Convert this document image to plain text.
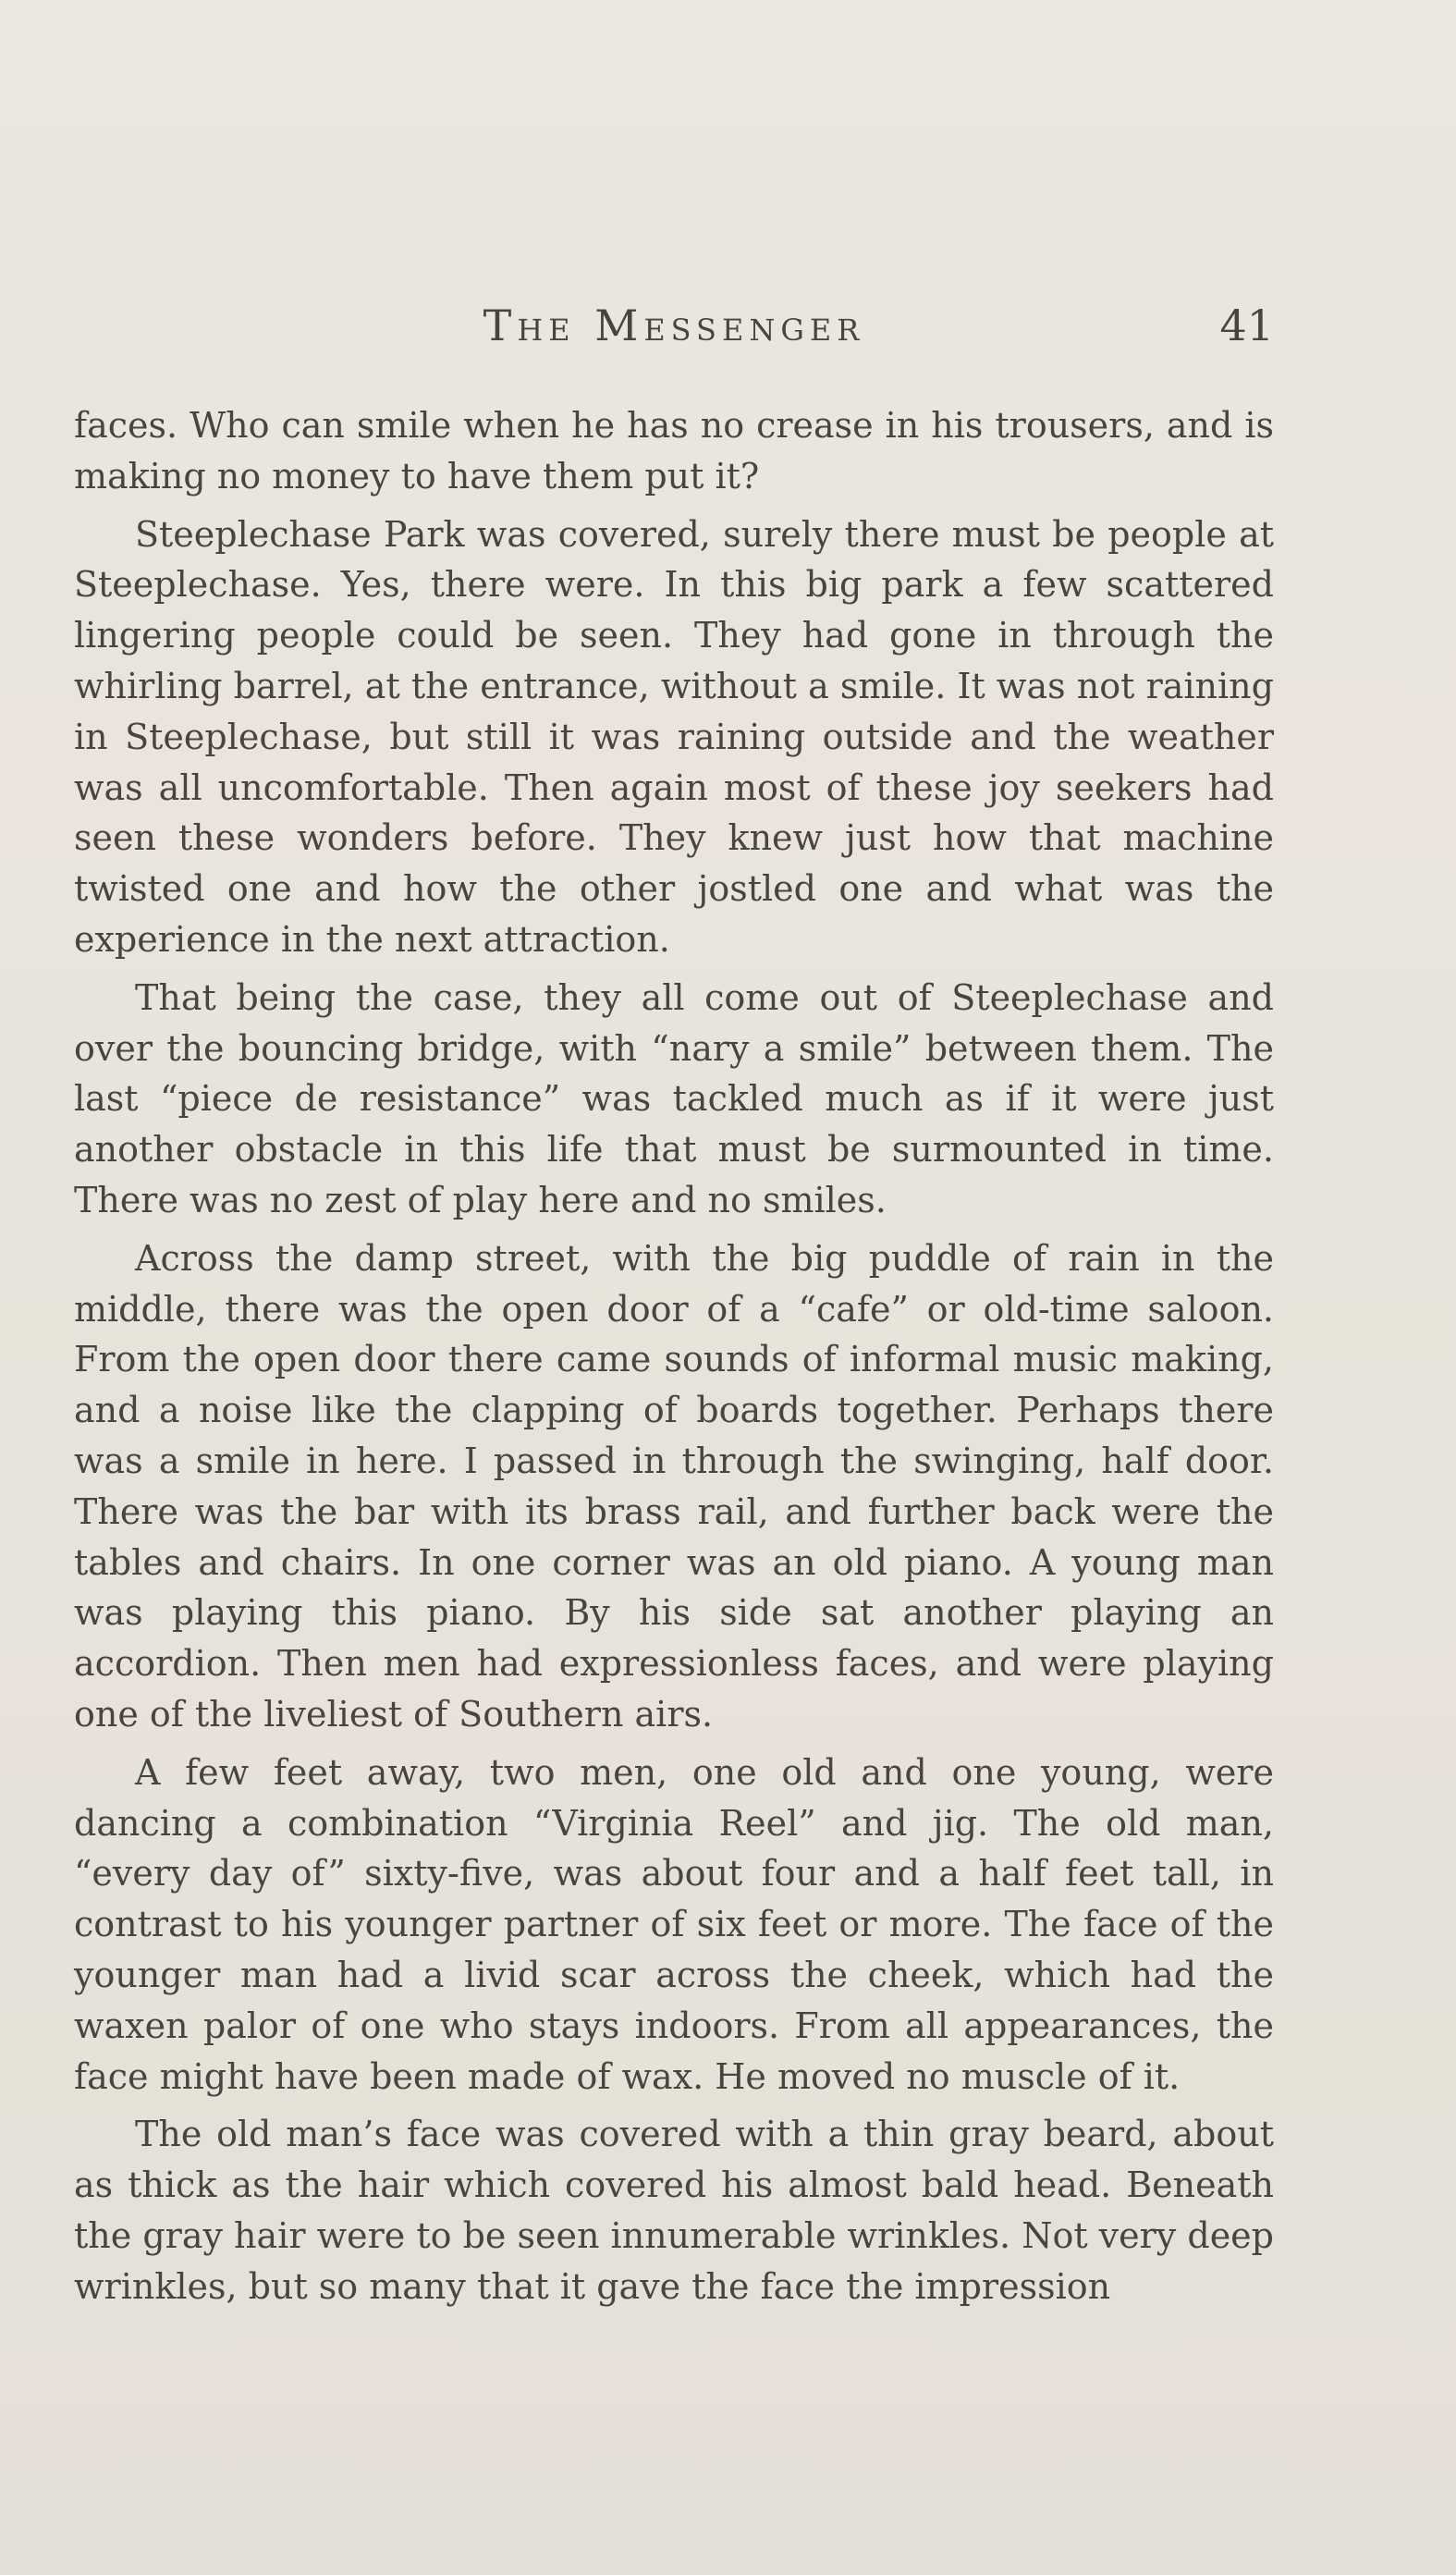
The Messenger	41

faces. Who can smile when he has no crease in his trousers, and is making no money to have them put it?

Steeplechase Park was covered, surely there must be people at Steeplechase. Yes, there were. In this big park a few scattered lingering people could be seen. They had gone in through the whirling barrel, at the entrance, without a smile. It was not raining in Steeplechase, but still it was raining outside and the weather was all uncomfortable. Then again most of these joy seekers had seen these wonders before. They knew just how that machine twisted one and how the other jostled one and what was the experience in the next attraction.

That being the case, they all come out of Steeplechase and over the bouncing bridge, with “nary a smile” between them. The last “piece de resistance” was tackled much as if it were just another obstacle in this life that must be surmounted in time. There was no zest of play here and no smiles.

Across the damp street, with the big puddle of rain in the middle, there was the open door of a “cafe” or old-time saloon. From the open door there came sounds of informal music making, and a noise like the clapping of boards together. Perhaps there was a smile in here. I passed in through the swinging, half door. There was the bar with its brass rail, and further back were the tables and chairs. In one corner was an old piano. A young man was playing this piano. By his side sat another playing an accordion. Then men had expressionless faces, and were playing one of the liveliest of Southern airs.

A few feet away, two men, one old and one young, were dancing a combination “Virginia Reel” and jig. The old man, “every day of” sixty-five, was about four and a half feet tall, in contrast to his younger partner of six feet or more. The face of the younger man had a livid scar across the cheek, which had the waxen palor of one who stays indoors. From all appearances, the face might have been made of wax. He moved no muscle of it.

The old man’s face was covered with a thin gray beard, about as thick as the hair which covered his almost bald head. Beneath the gray hair were to be seen innumerable wrinkles. Not very deep wrinkles, but so many that it gave the face the impression
